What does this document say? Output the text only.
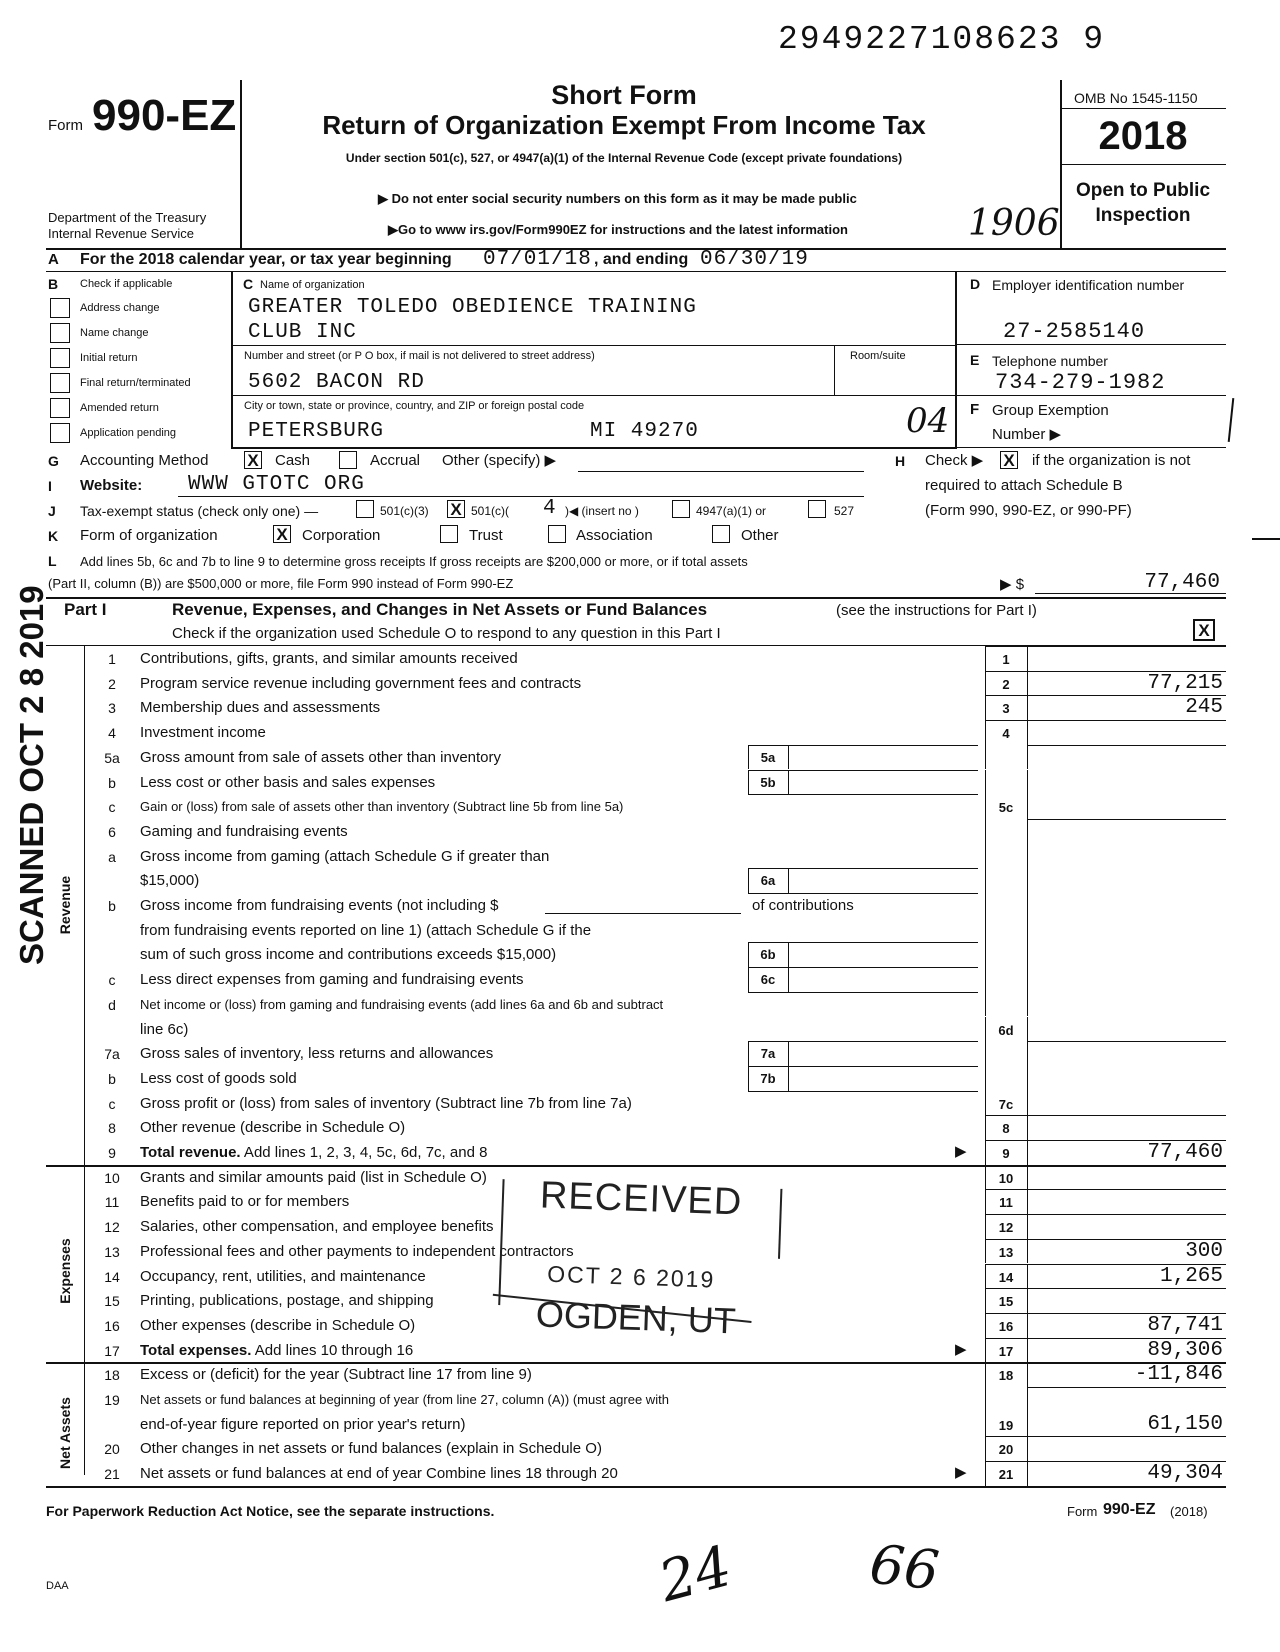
2949227108623 9
Form 990-EZ
Department of the Treasury
Internal Revenue Service
Short Form
Return of Organization Exempt From Income Tax
Under section 501(c), 527, or 4947(a)(1) of the Internal Revenue Code (except private foundations)
▶ Do not enter social security numbers on this form as it may be made public
▶Go to www irs.gov/Form990EZ for instructions and the latest information	1906
OMB No 1545-1150
2018
Open to Public
Inspection
A For the 2018 calendar year, or tax year beginning 07/01/18 , and ending 06/30/19
B Check if applicable
Address change
Name change
Initial return
Final return/terminated
Amended return
Application pending
C Name of organization
GREATER TOLEDO OBEDIENCE TRAINING
CLUB INC
Number and street (or P O box, if mail is not delivered to street address)	Room/suite
5602 BACON RD
City or town, state or province, country, and ZIP or foreign postal code
PETERSBURG	MI 49270	04
D Employer identification number
27-2585140
E Telephone number
734-279-1982
F Group Exemption
Number ▶
G Accounting Method X Cash	Accrual Other (specify) ▶	H Check ▶ X if the organization is not
required to attach Schedule B
(Form 990, 990-EZ, or 990-PF)
I Website: WWW GTOTC ORG
J Tax-exempt status (check only one) —	501(c)(3) X 501(c)( 4 )◀ (insert no )	4947(a)(1) or	527
K Form of organization	X Corporation	Trust	Association	Other
L Add lines 5b, 6c and 7b to line 9 to determine gross receipts If gross receipts are $200,000 or more, or if total assets
(Part II, column (B)) are $500,000 or more, file Form 990 instead of Form 990-EZ	▶ $	77,460
Part I	Revenue, Expenses, and Changes in Net Assets or Fund Balances	(see the instructions for Part I)
Check if the organization used Schedule O to respond to any question in this Part I	X
SCANNED OCT 2 8 2019 Revenue
Expenses
Net Assets
1	Contributions, gifts, grants, and similar amounts received	1
2	Program service revenue including government fees and contracts	2	77,215
3	Membership dues and assessments	3	245
4	Investment income	4
5a	Gross amount from sale of assets other than inventory	5a
b	Less cost or other basis and sales expenses	5b
c	Gain or (loss) from sale of assets other than inventory (Subtract line 5b from line 5a)	5c
6	Gaming and fundraising events
a	Gross income from gaming (attach Schedule G if greater than
$15,000)	6a
b	Gross income from fundraising events (not including $	of contributions
from fundraising events reported on line 1) (attach Schedule G if the
sum of such gross income and contributions exceeds $15,000)	6b
c	Less direct expenses from gaming and fundraising events	6c
d	Net income or (loss) from gaming and fundraising events (add lines 6a and 6b and subtract
line 6c)	6d
7a	Gross sales of inventory, less returns and allowances	7a
b	Less cost of goods sold	7b
c	Gross profit or (loss) from sales of inventory (Subtract line 7b from line 7a)	7c
8	Other revenue (describe in Schedule O)	8
9	Total revenue. Add lines 1, 2, 3, 4, 5c, 6d, 7c, and 8	▶	9	77,460
10	Grants and similar amounts paid (list in Schedule O)	10
11	Benefits paid to or for members	11
12	Salaries, other compensation, and employee benefits	12
13	Professional fees and other payments to independent contractors	13	300
14	Occupancy, rent, utilities, and maintenance	14	1,265
15	Printing, publications, postage, and shipping	15
16	Other expenses (describe in Schedule O)	16	87,741
17	Total expenses. Add lines 10 through 16	▶	17	89,306
18	Excess or (deficit) for the year (Subtract line 17 from line 9)	18	-11,846
19	Net assets or fund balances at beginning of year (from line 27, column (A)) (must agree with
end-of-year figure reported on prior year's return)	19	61,150
20	Other changes in net assets or fund balances (explain in Schedule O)	20
21	Net assets or fund balances at end of year Combine lines 18 through 20	▶	21	49,304
RECEIVED
OCT 2 6 2019
OGDEN, UT
For Paperwork Reduction Act Notice, see the separate instructions.	Form 990-EZ (2018)
DAA	24 66
